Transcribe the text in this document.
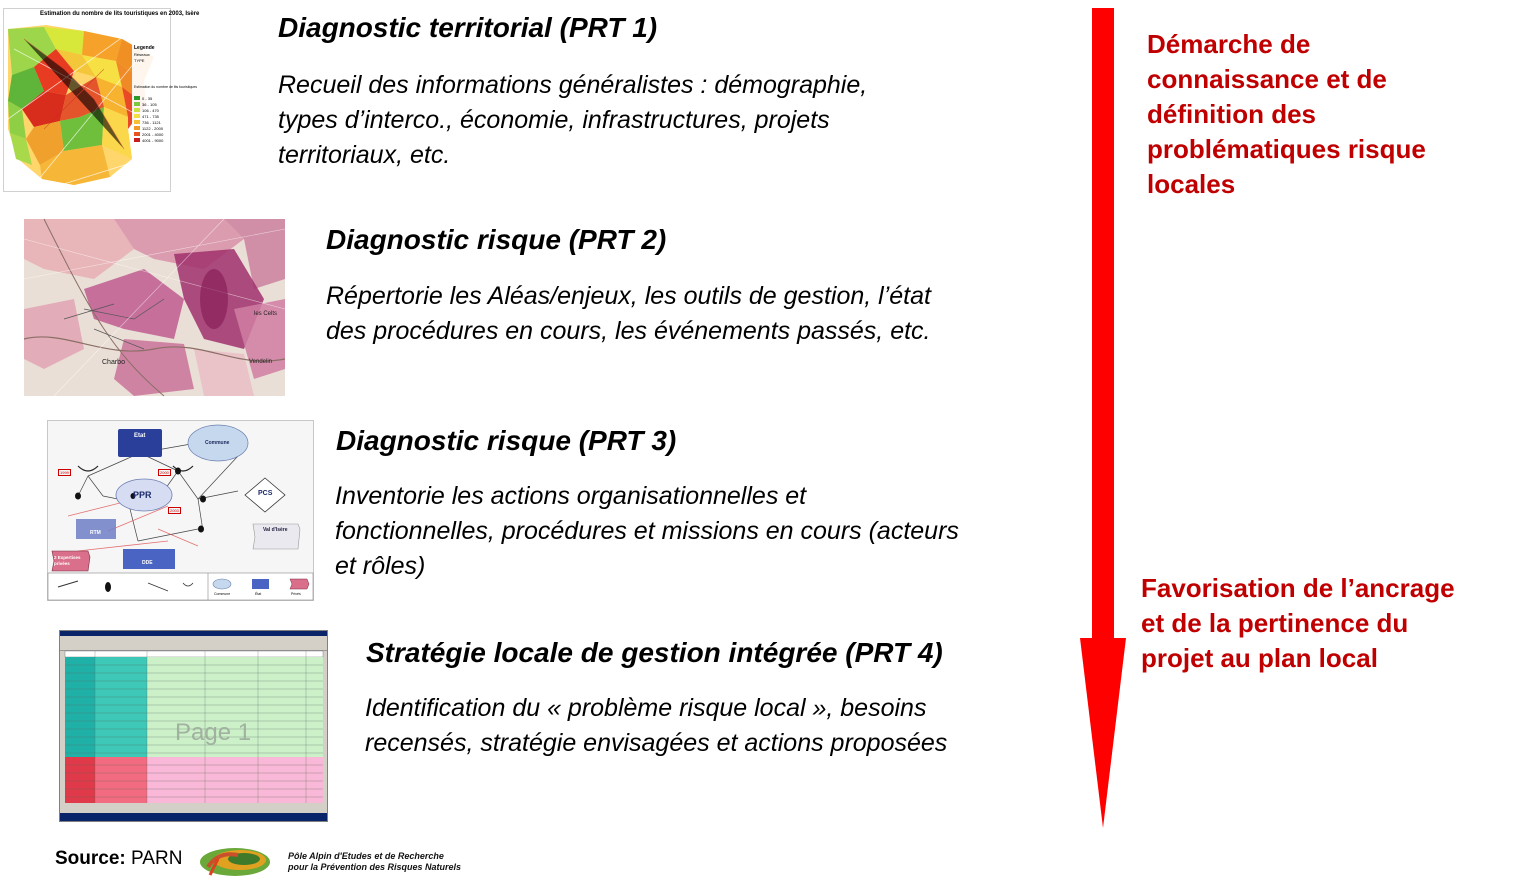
Estimation du nombre de lits touristiques en 2003, Isère
Legende
Réseaux
TYPE
Estimation du nombre de lits touristiques
0 - 35
36 - 105
106 - 470
471 - 735
736 - 1121
1122 - 2000
2001 - 4000
4001 - 9000
Diagnostic territorial (PRT 1)
Recueil des informations généralistes : démographie,
types d’interco., économie, infrastructures, projets
territoriaux, etc.
Charbo	Vendelin
les Celts
Diagnostic risque (PRT 2)
Répertorie les Aléas/enjeux, les outils de gestion, l’état
des procédures en cours, les événements passés, etc.
Etat
Commune
PPR	PCS
RTM
DDE
Val d'Isère
2 Expertises privées
1999	2000
2003
Commune	État	Privés
Diagnostic risque (PRT 3)
Inventorie les actions organisationnelles et
fonctionnelles, procédures et missions en cours (acteurs
et rôles)
Page 1
Stratégie locale de gestion intégrée (PRT 4)
Identification du « problème risque local », besoins
recensés, stratégie envisagées et actions proposées
Démarche de
connaissance et de
définition des
problématiques risque
locales
Favorisation de l’ancrage
et de la pertinence du
projet au plan local
Source: PARN	Pôle Alpin d'Etudes et de Recherche
pour la Prévention des Risques Naturels
